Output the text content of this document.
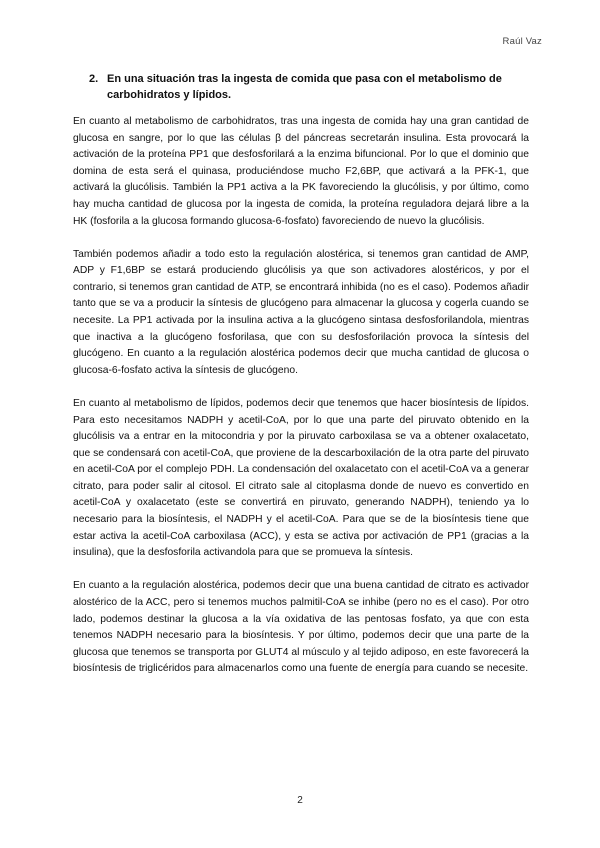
Raúl Vaz
2. En una situación tras la ingesta de comida que pasa con el metabolismo de carbohidratos y lípidos.

En cuanto al metabolismo de carbohidratos, tras una ingesta de comida hay una gran cantidad de glucosa en sangre, por lo que las células β del páncreas secretarán insulina. Esta provocará la activación de la proteína PP1 que desfosforilará a la enzima bifuncional. Por lo que el dominio que domina de esta será el quinasa, produciéndose mucho F2,6BP, que activará a la PFK-1, que activará la glucólisis. También la PP1 activa a la PK favoreciendo la glucólisis, y por último, como hay mucha cantidad de glucosa por la ingesta de comida, la proteína reguladora dejará libre a la HK (fosforila a la glucosa formando glucosa-6-fosfato) favoreciendo de nuevo la glucólisis.

También podemos añadir a todo esto la regulación alostérica, si tenemos gran cantidad de AMP, ADP y F1,6BP se estará produciendo glucólisis ya que son activadores alostéricos, y por el contrario, si tenemos gran cantidad de ATP, se encontrará inhibida (no es el caso). Podemos añadir tanto que se va a producir la síntesis de glucógeno para almacenar la glucosa y cogerla cuando se necesite. La PP1 activada por la insulina activa a la glucógeno sintasa desfosforilandola, mientras que inactiva a la glucógeno fosforilasa, que con su desfosforilación provoca la síntesis del glucógeno. En cuanto a la regulación alostérica podemos decir que mucha cantidad de glucosa o glucosa-6-fosfato activa la síntesis de glucógeno.

En cuanto al metabolismo de lípidos, podemos decir que tenemos que hacer biosíntesis de lípidos. Para esto necesitamos NADPH y acetil-CoA, por lo que una parte del piruvato obtenido en la glucólisis va a entrar en la mitocondria y por la piruvato carboxilasa se va a obtener oxalacetato, que se condensará con acetil-CoA, que proviene de la descarboxilación de la otra parte del piruvato en acetil-CoA por el complejo PDH. La condensación del oxalacetato con el acetil-CoA va a generar citrato, para poder salir al citosol. El citrato sale al citoplasma donde de nuevo es convertido en acetil-CoA y oxalacetato (este se convertirá en piruvato, generando NADPH), teniendo ya lo necesario para la biosíntesis, el NADPH y el acetil-CoA. Para que se de la biosíntesis tiene que estar activa la acetil-CoA carboxilasa (ACC), y esta se activa por activación de PP1 (gracias a la insulina), que la desfosforila activandola para que se promueva la síntesis.

En cuanto a la regulación alostérica, podemos decir que una buena cantidad de citrato es activador alostérico de la ACC, pero si tenemos muchos palmitil-CoA se inhibe (pero no es el caso). Por otro lado, podemos destinar la glucosa a la vía oxidativa de las pentosas fosfato, ya que con esta tenemos NADPH necesario para la biosíntesis. Y por último, podemos decir que una parte de la glucosa que tenemos se transporta por GLUT4 al músculo y al tejido adiposo, en este favorecerá la biosíntesis de triglicéridos para almacenarlos como una fuente de energía para cuando se necesite.

2
